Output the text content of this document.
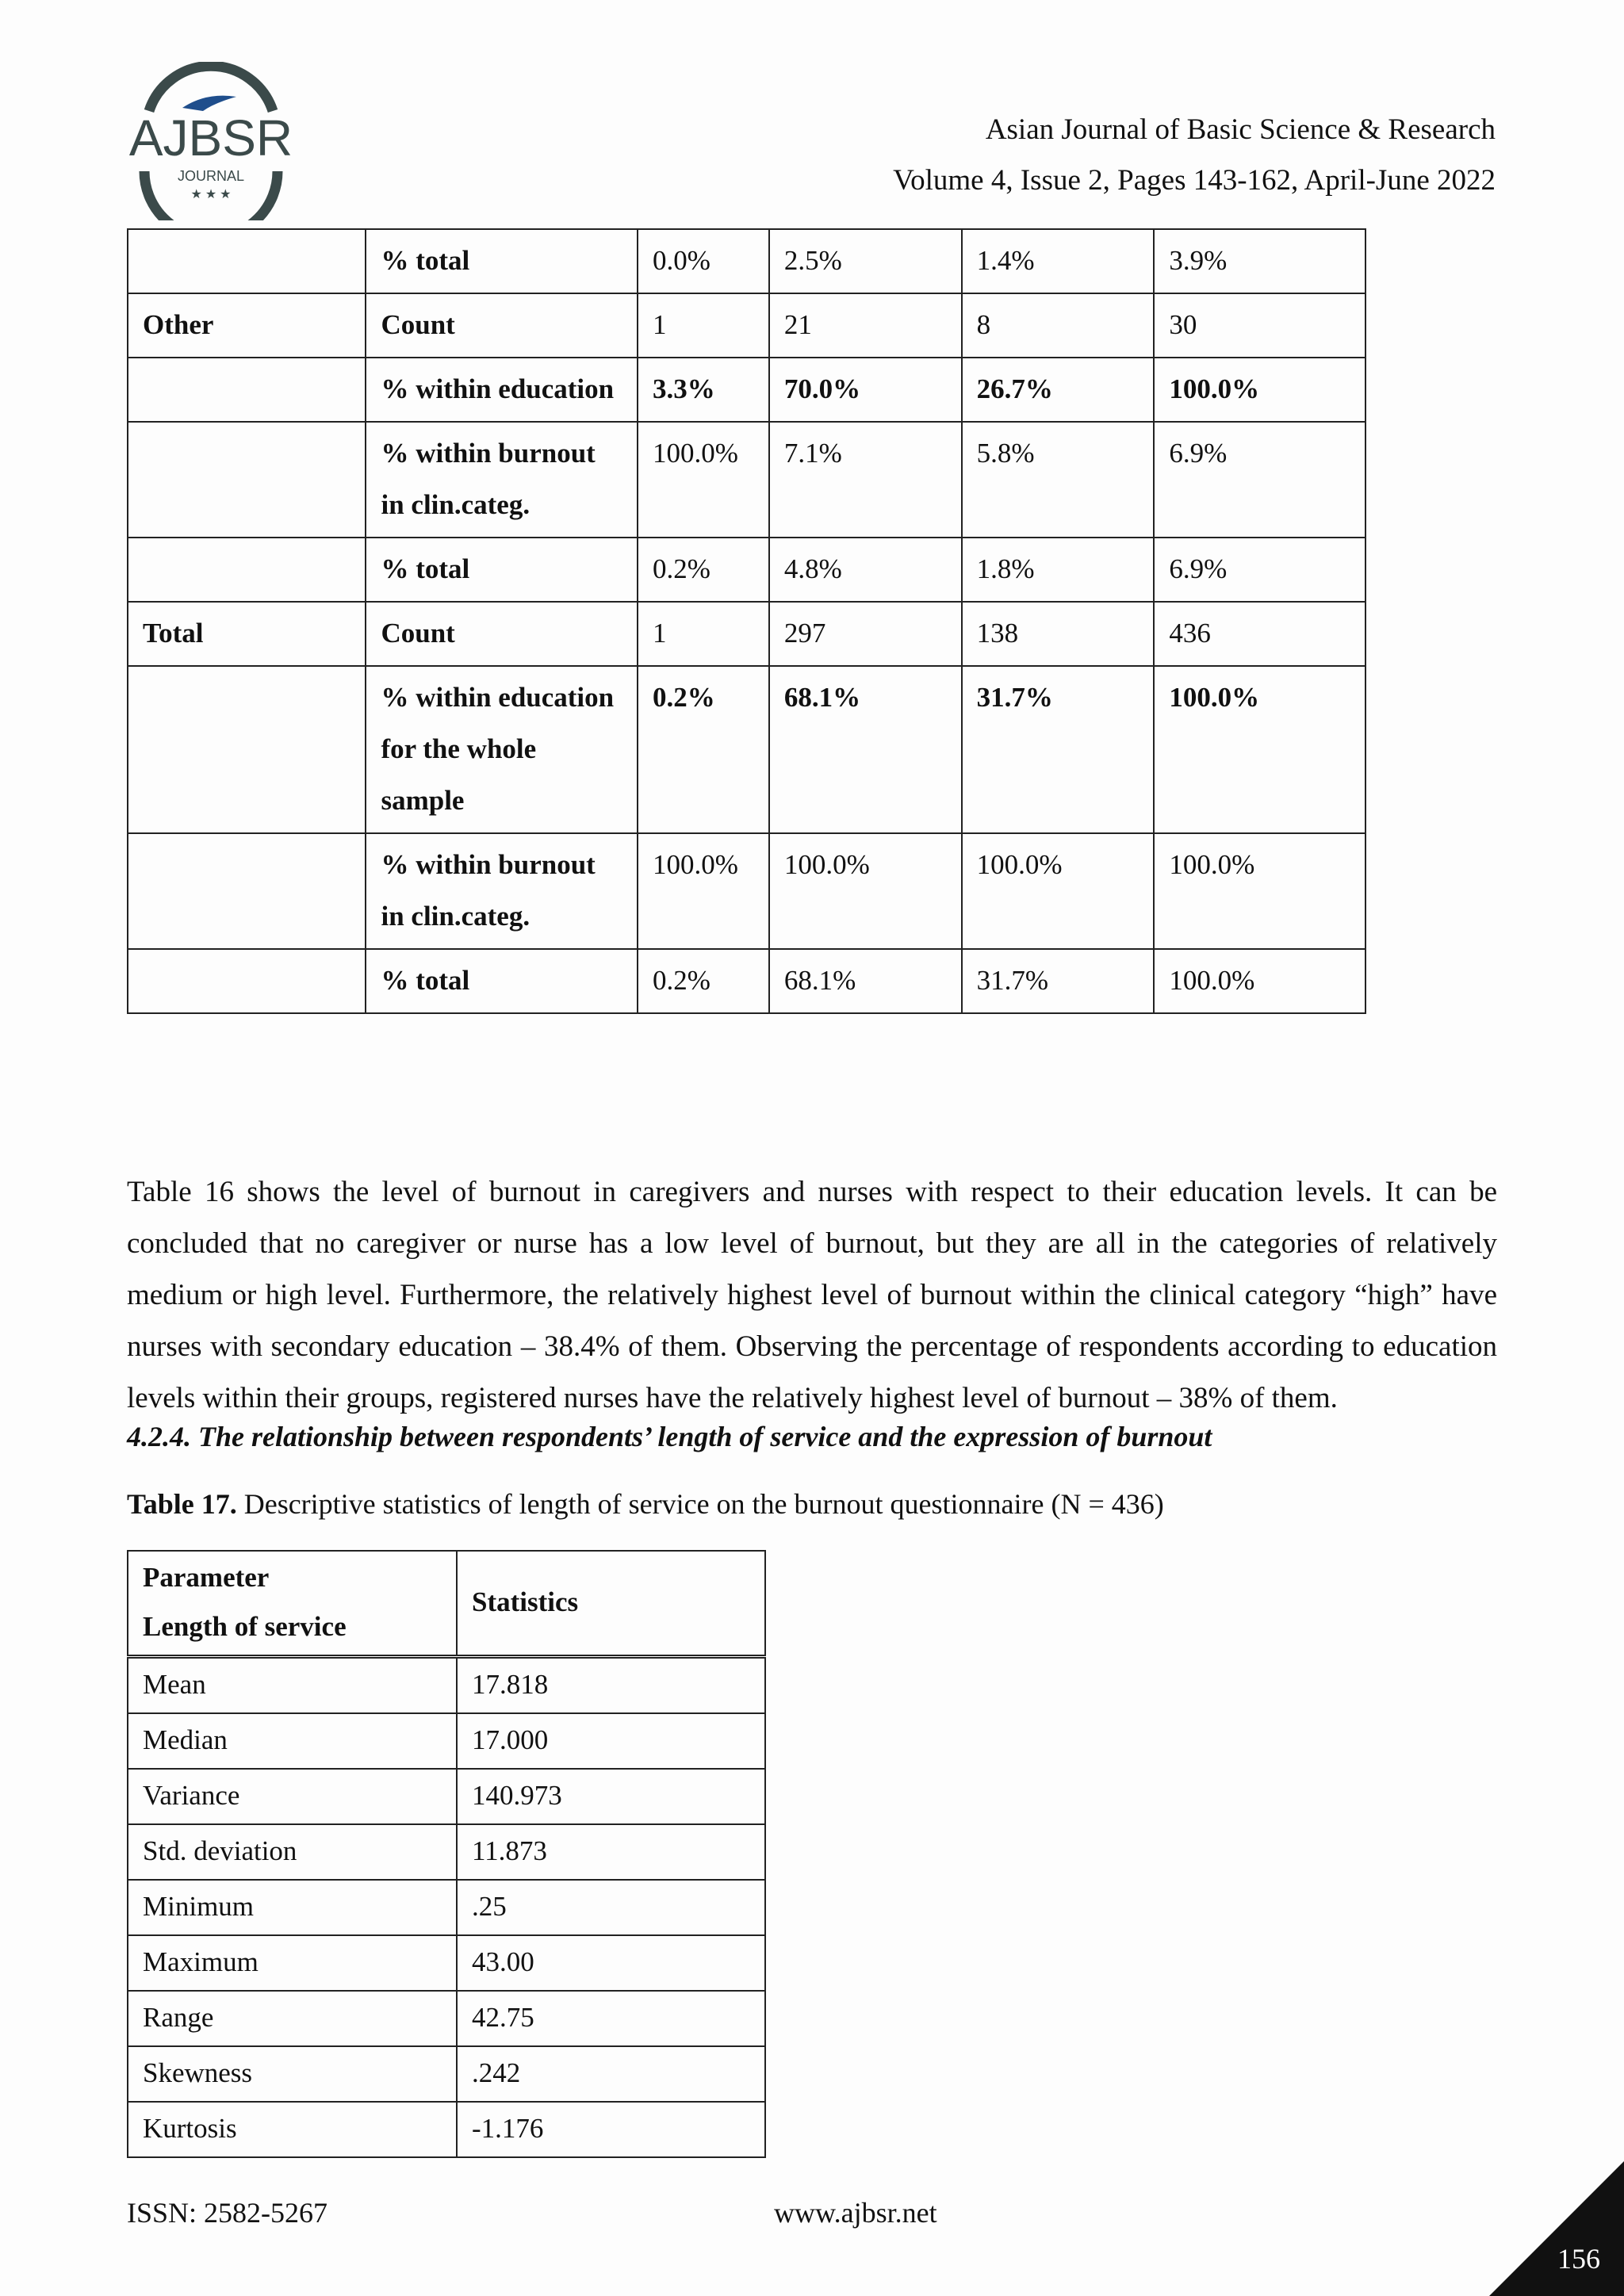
AJBSR
JOURNAL
★ ★ ★
Asian Journal of Basic Science & Research
Volume 4, Issue 2, Pages 143-162, April-June 2022
	% total	0.0%	2.5%	1.4%	3.9%
Other	Count	1	21	8	30
	% within education	3.3%	70.0%	26.7%	100.0%
	% within burnout in clin.categ.	100.0%	7.1%	5.8%	6.9%
	% total	0.2%	4.8%	1.8%	6.9%
Total	Count	1	297	138	436
	% within education for the whole sample	0.2%	68.1%	31.7%	100.0%
	% within burnout in clin.categ.	100.0%	100.0%	100.0%	100.0%
	% total	0.2%	68.1%	31.7%	100.0%

Table 16 shows the level of burnout in caregivers and nurses with respect to their education levels. It can be concluded that no caregiver or nurse has a low level of burnout, but they are all in the categories of relatively medium or high level. Furthermore, the relatively highest level of burnout within the clinical category “high” have nurses with secondary education – 38.4% of them. Observing the percentage of respondents according to education levels within their groups, registered nurses have the relatively highest level of burnout – 38% of them.

4.2.4. The relationship between respondents’ length of service and the expression of burnout
Table 17. Descriptive statistics of length of service on the burnout questionnaire (N = 436)
Parameter
Length of service	Statistics
Mean	17.818
Median	17.000
Variance	140.973
Std. deviation	11.873
Minimum	.25
Maximum	43.00
Range	42.75
Skewness	.242
Kurtosis	-1.176
ISSN: 2582-5267	www.ajbsr.net
156
